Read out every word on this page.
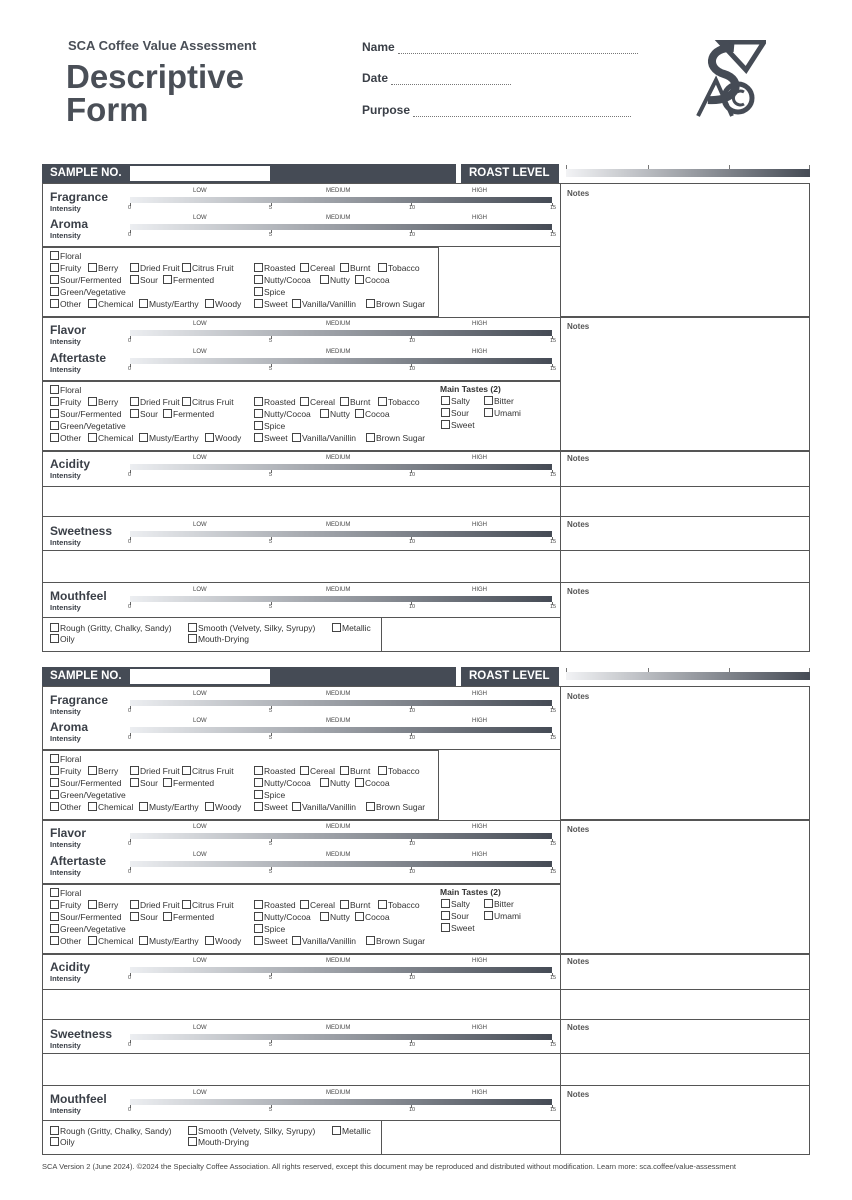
SCA Coffee Value Assessment
Descriptive
Form
Name
Date
Purpose
SAMPLE NO.	ROAST LEVEL
Notes
Notes
Notes
Notes
Notes
Fragrance
Intensity
LOW	MEDIUM	HIGH
0	5	10	15
Aroma
Intensity
LOW	MEDIUM	HIGH
0	5	10	15
Floral
Fruity	Berry	Dried Fruit	Citrus Fruit
Sour/Fermented	Sour	Fermented
Green/Vegetative
Other	Chemical	Musty/Earthy	Woody
Roasted	Cereal	Burnt	Tobacco
Nutty/Cocoa	Nutty	Cocoa
Spice
Sweet	Vanilla/Vanillin	Brown Sugar
Flavor
Intensity
LOW	MEDIUM	HIGH
0	5	10	15
Aftertaste
Intensity
LOW	MEDIUM	HIGH
0	5	10	15
Floral
Fruity	Berry	Dried Fruit	Citrus Fruit
Sour/Fermented	Sour	Fermented
Green/Vegetative
Other	Chemical	Musty/Earthy	Woody
Roasted	Cereal	Burnt	Tobacco
Nutty/Cocoa	Nutty	Cocoa
Spice
Sweet	Vanilla/Vanillin	Brown Sugar
Main Tastes (2)
Salty	Bitter
Sour	Umami
Sweet
Acidity
Intensity
LOW	MEDIUM	HIGH
0	5	10	15
Sweetness
Intensity
LOW	MEDIUM	HIGH
0	5	10	15
Mouthfeel
Intensity
LOW	MEDIUM	HIGH
0	5	10	15
Rough (Gritty, Chalky, Sandy)
Oily
Smooth (Velvety, Silky, Syrupy)
Mouth-Drying
Metallic
SAMPLE NO.	ROAST LEVEL
Notes
Notes
Notes
Notes
Notes
Fragrance
Intensity
LOW	MEDIUM	HIGH
0	5	10	15
Aroma
Intensity
LOW	MEDIUM	HIGH
0	5	10	15
Floral
Fruity	Berry	Dried Fruit	Citrus Fruit
Sour/Fermented	Sour	Fermented
Green/Vegetative
Other	Chemical	Musty/Earthy	Woody
Roasted	Cereal	Burnt	Tobacco
Nutty/Cocoa	Nutty	Cocoa
Spice
Sweet	Vanilla/Vanillin	Brown Sugar
Flavor
Intensity
LOW	MEDIUM	HIGH
0	5	10	15
Aftertaste
Intensity
LOW	MEDIUM	HIGH
0	5	10	15
Floral
Fruity	Berry	Dried Fruit	Citrus Fruit
Sour/Fermented	Sour	Fermented
Green/Vegetative
Other	Chemical	Musty/Earthy	Woody
Roasted	Cereal	Burnt	Tobacco
Nutty/Cocoa	Nutty	Cocoa
Spice
Sweet	Vanilla/Vanillin	Brown Sugar
Main Tastes (2)
Salty	Bitter
Sour	Umami
Sweet
Acidity
Intensity
LOW	MEDIUM	HIGH
0	5	10	15
Sweetness
Intensity
LOW	MEDIUM	HIGH
0	5	10	15
Mouthfeel
Intensity
LOW	MEDIUM	HIGH
0	5	10	15
Rough (Gritty, Chalky, Sandy)
Oily
Smooth (Velvety, Silky, Syrupy)
Mouth-Drying
Metallic
SCA Version 2 (June 2024). ©2024 the Specialty Coffee Association. All rights reserved, except this document may be reproduced and distributed without modification. Learn more: sca.coffee/value-assessment
